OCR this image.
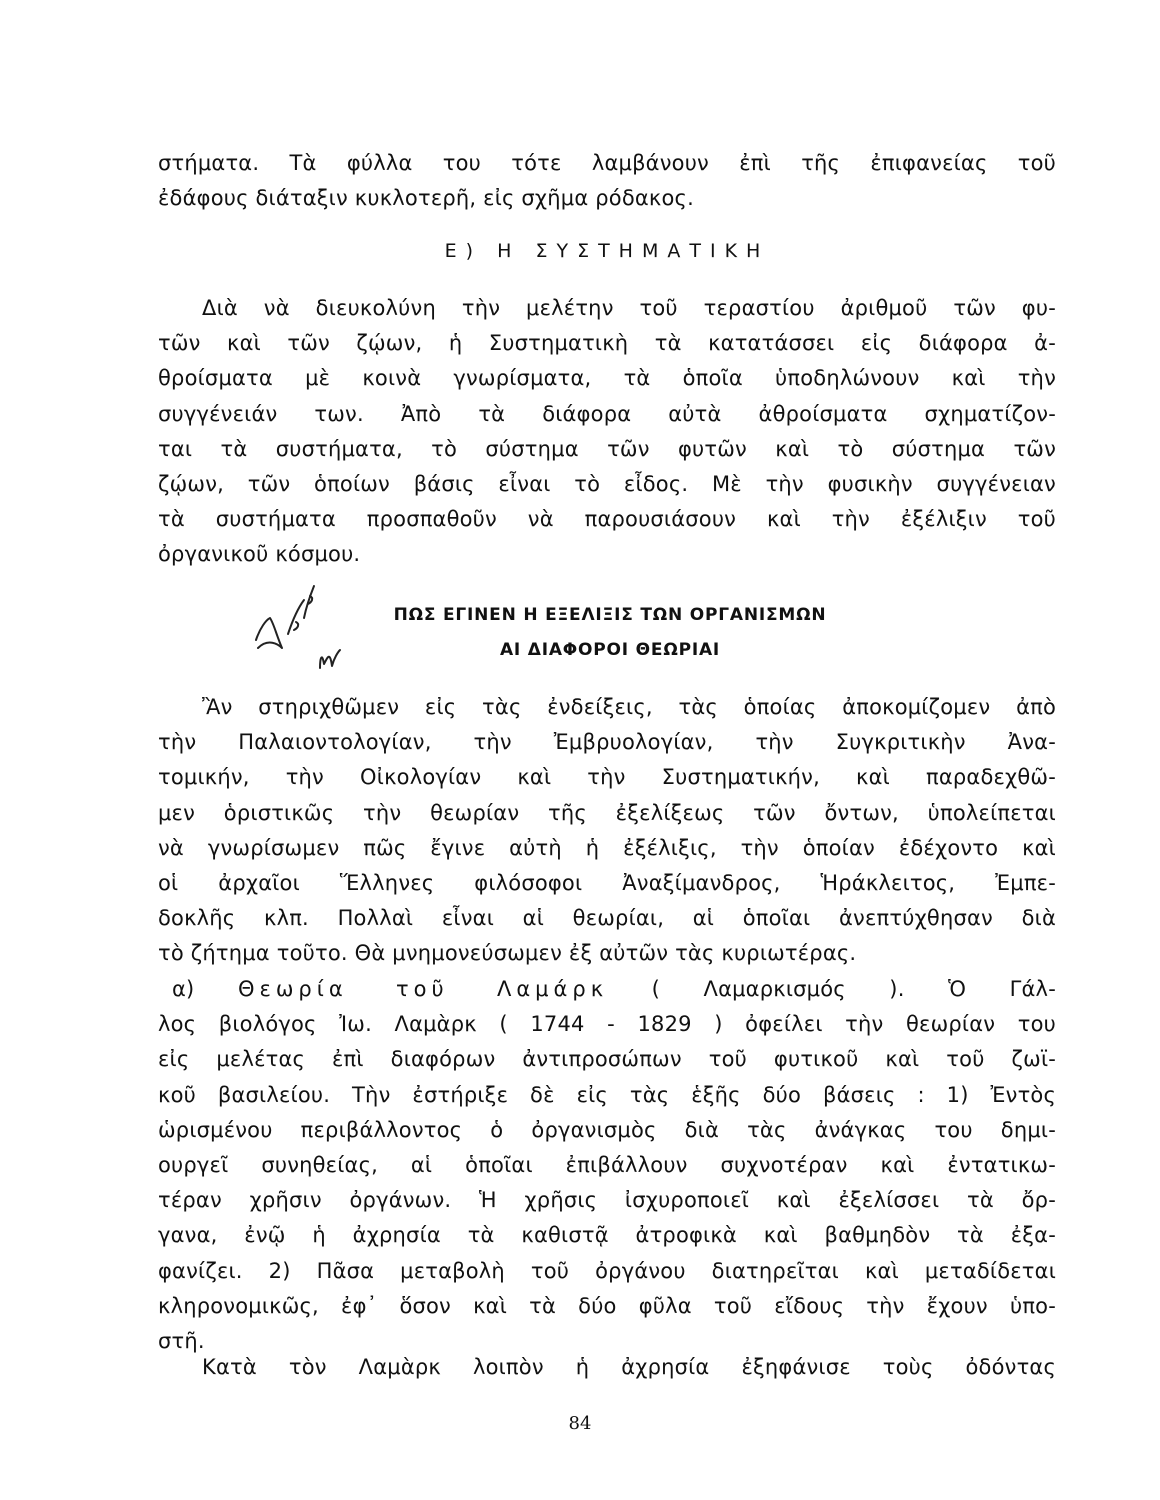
στήματα. Τὰ φύλλα του τότε λαμβάνουν ἐπὶ τῆς ἐπιφανείας τοῦ
ἐδάφους διάταξιν κυκλοτερῆ, εἰς σχῆμα ρόδακος.
Ε) Η ΣΥΣΤΗΜΑΤΙΚΗ
Διὰ νὰ διευκολύνη τὴν μελέτην τοῦ τεραστίου ἀριθμοῦ τῶν φυ-
τῶν καὶ τῶν ζῴων, ἡ Συστηματικὴ τὰ κατατάσσει εἰς διάφορα ἀ-
θροίσματα μὲ κοινὰ γνωρίσματα, τὰ ὁποῖα ὑποδηλώνουν καὶ τὴν
συγγένειάν των. Ἀπὸ τὰ διάφορα αὐτὰ ἀθροίσματα σχηματίζον-
ται τὰ συστήματα, τὸ σύστημα τῶν φυτῶν καὶ τὸ σύστημα τῶν
ζῴων, τῶν ὁποίων βάσις εἶναι τὸ εἶδος. Μὲ τὴν φυσικὴν συγγένειαν
τὰ συστήματα προσπαθοῦν νὰ παρουσιάσουν καὶ τὴν ἐξέλιξιν τοῦ
ὀργανικοῦ κόσμου.
ΠΩΣ ΕΓΙΝΕΝ Η ΕΞΕΛΙΞΙΣ ΤΩΝ ΟΡΓΑΝΙΣΜΩΝ
ΑΙ ΔΙΑΦΟΡΟΙ ΘΕΩΡΙΑΙ
Ἂν στηριχθῶμεν εἰς τὰς ἐνδείξεις, τὰς ὁποίας ἀποκομίζομεν ἀπὸ
τὴν Παλαιοντολογίαν, τὴν Ἐμβρυολογίαν, τὴν Συγκριτικὴν Ἀνα-
τομικήν, τὴν Οἰκολογίαν καὶ τὴν Συστηματικήν, καὶ παραδεχθῶ-
μεν ὁριστικῶς τὴν θεωρίαν τῆς ἐξελίξεως τῶν ὄντων, ὑπολείπεται
νὰ γνωρίσωμεν πῶς ἔγινε αὐτὴ ἡ ἐξέλιξις, τὴν ὁποίαν ἐδέχοντο καὶ
οἱ ἀρχαῖοι Ἕλληνες φιλόσοφοι Ἀναξίμανδρος, Ἡράκλειτος, Ἐμπε-
δοκλῆς κλπ. Πολλαὶ εἶναι αἱ θεωρίαι, αἱ ὁποῖαι ἀνεπτύχθησαν διὰ
τὸ ζήτημα τοῦτο. Θὰ μνημονεύσωμεν ἐξ αὐτῶν τὰς κυριωτέρας.
α) Θεωρία τοῦ Λαμάρκ ( Λαμαρκισμός ). Ὁ Γάλ-
λος βιολόγος Ἰω. Λαμὰρκ ( 1744 - 1829 ) ὀφείλει τὴν θεωρίαν του
εἰς μελέτας ἐπὶ διαφόρων ἀντιπροσώπων τοῦ φυτικοῦ καὶ τοῦ ζωϊ-
κοῦ βασιλείου. Τὴν ἐστήριξε δὲ εἰς τὰς ἑξῆς δύο βάσεις : 1) Ἐντὸς
ὡρισμένου περιβάλλοντος ὁ ὀργανισμὸς διὰ τὰς ἀνάγκας του δημι-
ουργεῖ συνηθείας, αἱ ὁποῖαι ἐπιβάλλουν συχνοτέραν καὶ ἐντατικω-
τέραν χρῆσιν ὀργάνων. Ἡ χρῆσις ἰσχυροποιεῖ καὶ ἐξελίσσει τὰ ὄρ-
γανα, ἐνῷ ἡ ἀχρησία τὰ καθιστᾷ ἀτροφικὰ καὶ βαθμηδὸν τὰ ἐξα-
φανίζει. 2) Πᾶσα μεταβολὴ τοῦ ὀργάνου διατηρεῖται καὶ μεταδίδεται
κληρονομικῶς, ἐφ᾽ ὅσον καὶ τὰ δύο φῦλα τοῦ εἴδους τὴν ἔχουν ὑπο-
στῆ.
Κατὰ τὸν Λαμὰρκ λοιπὸν ἡ ἀχρησία ἐξηφάνισε τοὺς ὀδόντας
84
